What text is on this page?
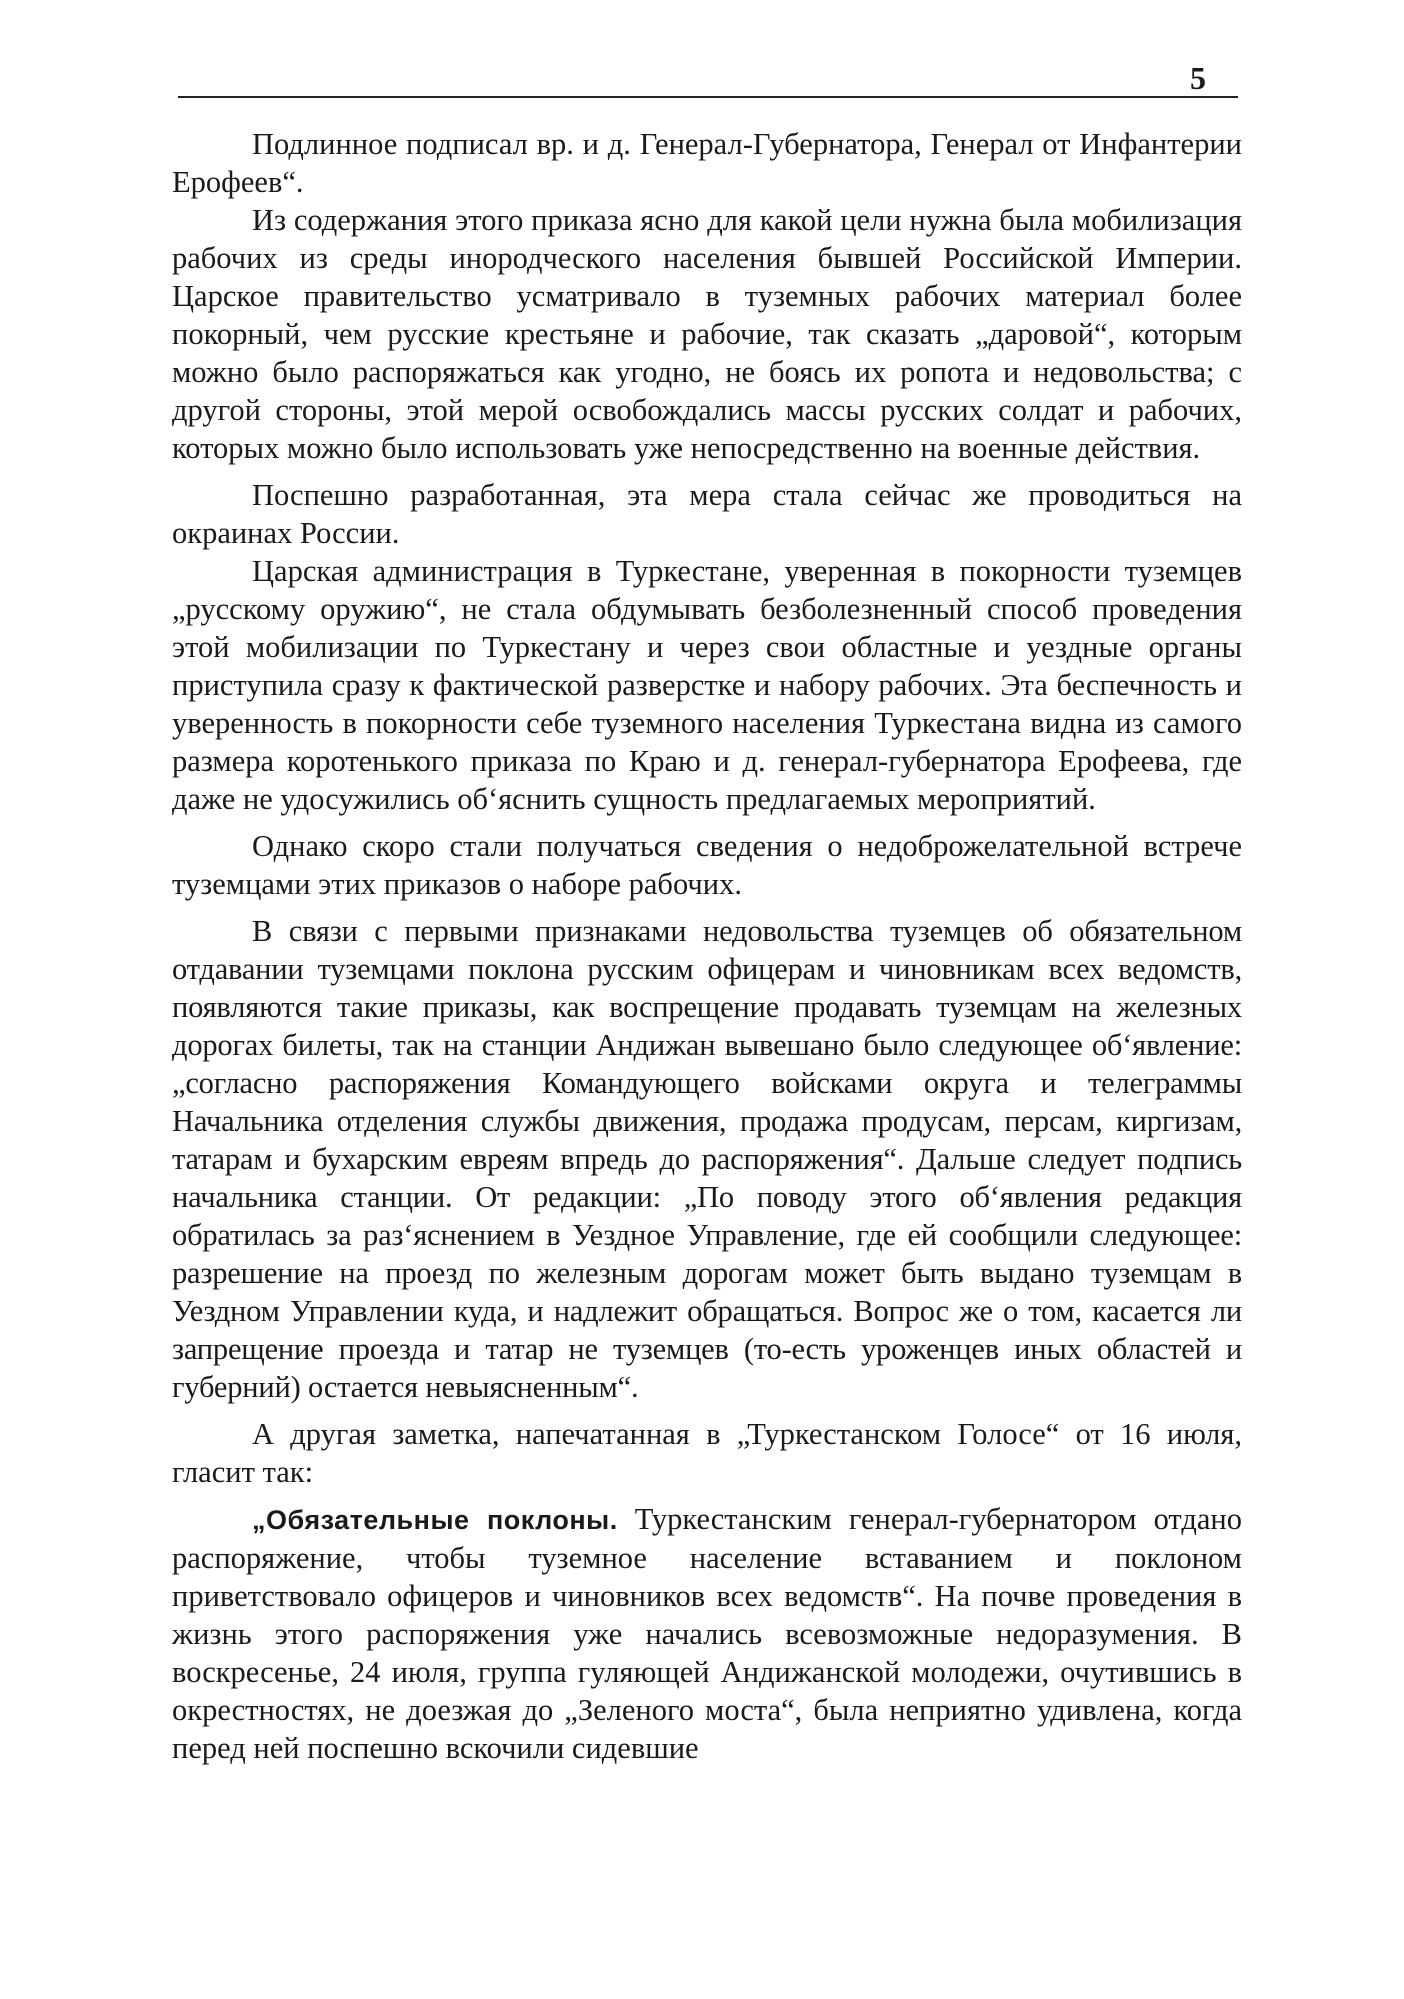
5

Подлинное подписал вр. и д. Генерал-Губернатора, Генерал от Инфантерии Ерофеев“.

Из содержания этого приказа ясно для какой цели нужна была мобилизация рабочих из среды инородческого населения бывшей Российской Империи. Царское правительство усматривало в туземных рабочих материал более покорный, чем русские крестьяне и рабочие, так сказать „даровой“, которым можно было распоряжаться как угодно, не боясь их ропота и недовольства; с другой стороны, этой мерой освобождались массы русских солдат и рабочих, которых можно было использовать уже непосредственно на военные действия.

Поспешно разработанная, эта мера стала сейчас же проводиться на окраинах России.

Царская администрация в Туркестане, уверенная в покорности туземцев „русскому оружию“, не стала обдумывать безболезненный способ проведения этой мобилизации по Туркестану и через свои областные и уездные органы приступила сразу к фактической разверстке и набору рабочих. Эта беспечность и уверенность в покорности себе туземного населения Туркестана видна из самого размера коротенького приказа по Краю и д. генерал-губернатора Ерофеева, где даже не удосужились об‘яснить сущность предлагаемых мероприятий.

Однако скоро стали получаться сведения о недоброжелательной встрече туземцами этих приказов о наборе рабочих.

В связи с первыми признаками недовольства туземцев об обязательном отдавании туземцами поклона русским офицерам и чиновникам всех ведомств, появляются такие приказы, как воспрещение продавать туземцам на железных дорогах билеты, так на станции Андижан вывешано было следующее об‘явление: „согласно распоряжения Командующего войсками округа и телеграммы Начальника отделения службы движения, продажа продусам, персам, киргизам, татарам и бухарским евреям впредь до распоряжения“. Дальше следует подпись начальника станции. От редакции: „По поводу этого об‘явления редакция обратилась за раз‘яснением в Уездное Управление, где ей сообщили следующее: разрешение на проезд по железным дорогам может быть выдано туземцам в Уездном Управлении куда, и надлежит обращаться. Вопрос же о том, касается ли запрещение проезда и татар не туземцев (то-есть уроженцев иных областей и губерний) остается невыясненным“.

А другая заметка, напечатанная в „Туркестанском Голосе“ от 16 июля, гласит так:

„Обязательные поклоны. Туркестанским генерал-губернатором отдано распоряжение, чтобы туземное население вставанием и поклоном приветствовало офицеров и чиновников всех ведомств“. На почве проведения в жизнь этого распоряжения уже начались всевозможные недоразумения. В воскресенье, 24 июля, группа гуляющей Андижанской молодежи, очутившись в окрестностях, не доезжая до „Зеленого моста“, была неприятно удивлена, когда перед ней поспешно вскочили сидевшие
